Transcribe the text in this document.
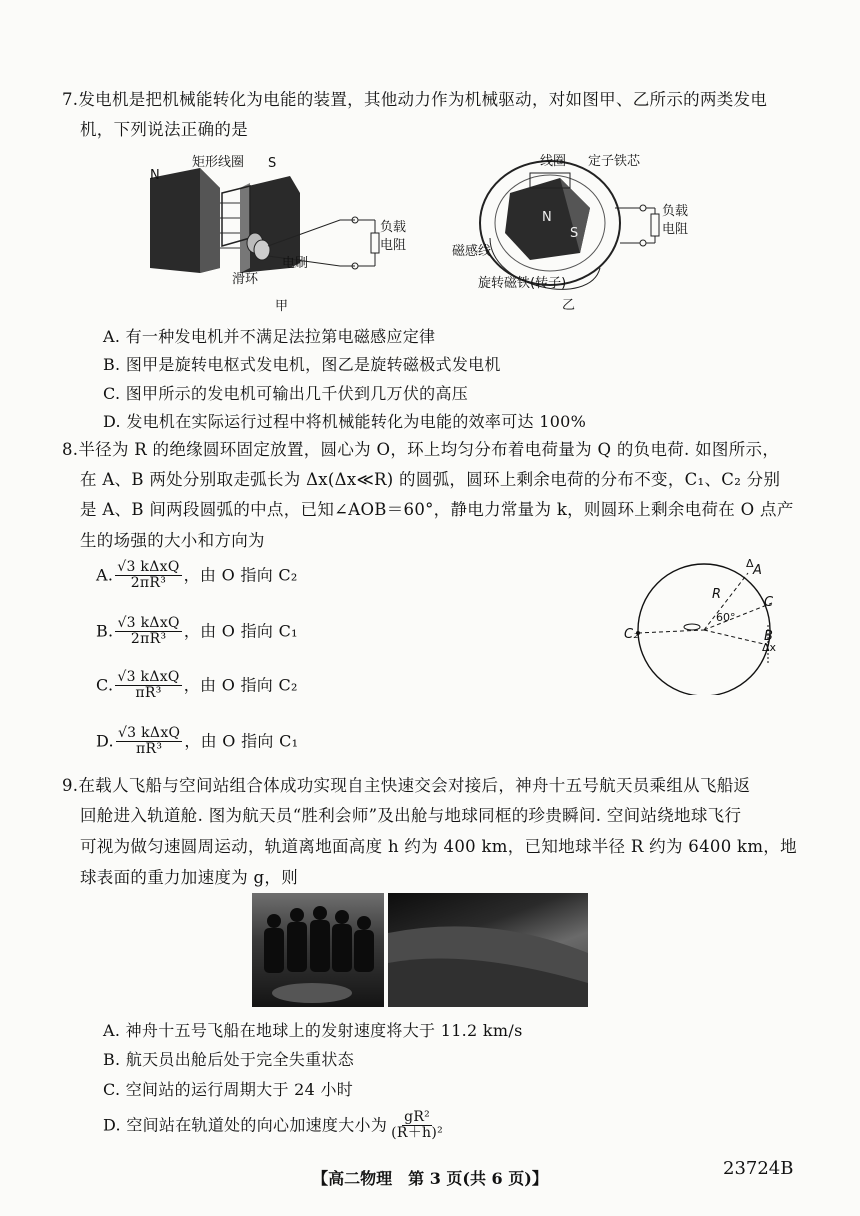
7.发电机是把机械能转化为电能的装置，其他动力作为机械驱动，对如图甲、乙所示的两类发电
机，下列说法正确的是
N
矩形线圈 S
负载
电阻
电刷
滑环
甲
线圈 定子铁芯
负载
电阻
磁感线
旋转磁铁(转子)
N
S
乙
A. 有一种发电机并不满足法拉第电磁感应定律
B. 图甲是旋转电枢式发电机，图乙是旋转磁极式发电机
C. 图甲所示的发电机可输出几千伏到几万伏的高压
D. 发电机在实际运行过程中将机械能转化为电能的效率可达 100%
8.半径为 R 的绝缘圆环固定放置，圆心为 O，环上均匀分布着电荷量为 Q 的负电荷. 如图所示，
在 A、B 两处分别取走弧长为 Δx(Δx≪R) 的圆弧，圆环上剩余电荷的分布不变，C₁、C₂ 分别
是 A、B 间两段圆弧的中点，已知∠AOB＝60°，静电力常量为 k，则圆环上剩余电荷在 O 点产
生的场强的大小和方向为
A. $\frac{\text{√3 kΔxQ}}{\text{2πR³}}$ ，由 O 指向 C₂
B. $\frac{\text{√3 kΔxQ}}{\text{2πR³}}$ ，由 O 指向 C₁
C. $\frac{\text{√3 kΔxQ}}{\text{πR³}}$ ，由 O 指向 C₂
D. $\frac{\text{√3 kΔxQ}}{\text{πR³}}$ ，由 O 指向 C₁
A
C
B
Δx
Δ
C₂
R
60°
9.在载人飞船与空间站组合体成功实现自主快速交会对接后，神舟十五号航天员乘组从飞船返
回舱进入轨道舱. 图为航天员“胜利会师”及出舱与地球同框的珍贵瞬间. 空间站绕地球飞行
可视为做匀速圆周运动，轨道离地面高度 h 约为 400 km，已知地球半径 R 约为 6400 km，地
球表面的重力加速度为 g，则
A. 神舟十五号飞船在地球上的发射速度将大于 11.2 km/s
B. 航天员出舱后处于完全失重状态
C. 空间站的运行周期大于 24 小时
D. 空间站在轨道处的向心加速度大小为 $\frac{\text{gR²}}{\text{(R＋h)²}}$
【高二物理　第 3 页(共 6 页)】	23724B
